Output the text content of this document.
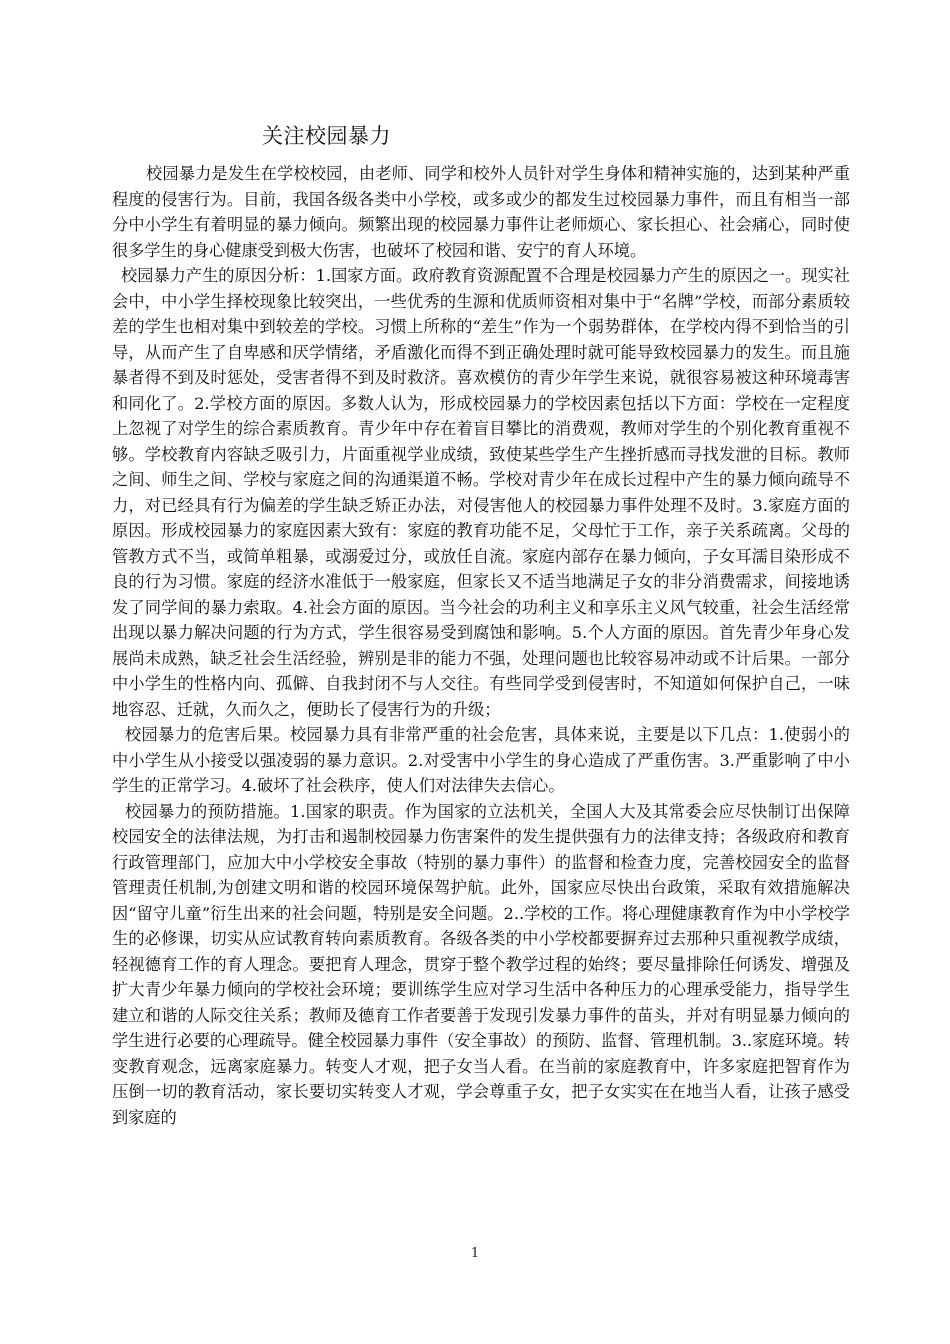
关注校园暴力

校园暴力是发生在学校校园，由老师、同学和校外人员针对学生身体和精神实施的，达到某种严重程度的侵害行为。目前，我国各级各类中小学校，或多或少的都发生过校园暴力事件，而且有相当一部分中小学生有着明显的暴力倾向。频繁出现的校园暴力事件让老师烦心、家长担心、社会痛心，同时使很多学生的身心健康受到极大伤害，也破坏了校园和谐、安宁的育人环境。

校园暴力产生的原因分析：1.国家方面。政府教育资源配置不合理是校园暴力产生的原因之一。现实社会中，中小学生择校现象比较突出，一些优秀的生源和优质师资相对集中于“名牌”学校，而部分素质较差的学生也相对集中到较差的学校。习惯上所称的“差生”作为一个弱势群体，在学校内得不到恰当的引导，从而产生了自卑感和厌学情绪，矛盾激化而得不到正确处理时就可能导致校园暴力的发生。而且施暴者得不到及时惩处，受害者得不到及时救济。喜欢模仿的青少年学生来说，就很容易被这种环境毒害和同化了。2.学校方面的原因。多数人认为，形成校园暴力的学校因素包括以下方面：学校在一定程度上忽视了对学生的综合素质教育。青少年中存在着盲目攀比的消费观，教师对学生的个别化教育重视不够。学校教育内容缺乏吸引力，片面重视学业成绩，致使某些学生产生挫折感而寻找发泄的目标。教师之间、师生之间、学校与家庭之间的沟通渠道不畅。学校对青少年在成长过程中产生的暴力倾向疏导不力，对已经具有行为偏差的学生缺乏矫正办法，对侵害他人的校园暴力事件处理不及时。3.家庭方面的原因。形成校园暴力的家庭因素大致有：家庭的教育功能不足，父母忙于工作，亲子关系疏离。父母的管教方式不当，或简单粗暴，或溺爱过分，或放任自流。家庭内部存在暴力倾向，子女耳濡目染形成不良的行为习惯。家庭的经济水准低于一般家庭，但家长又不适当地满足子女的非分消费需求，间接地诱发了同学间的暴力索取。4.社会方面的原因。当今社会的功利主义和享乐主义风气较重，社会生活经常出现以暴力解决问题的行为方式，学生很容易受到腐蚀和影响。5.个人方面的原因。首先青少年身心发展尚未成熟，缺乏社会生活经验，辨别是非的能力不强，处理问题也比较容易冲动或不计后果。一部分中小学生的性格内向、孤僻、自我封闭不与人交往。有些同学受到侵害时，不知道如何保护自己，一味地容忍、迁就，久而久之，便助长了侵害行为的升级；

校园暴力的危害后果。校园暴力具有非常严重的社会危害，具体来说，主要是以下几点：1.使弱小的中小学生从小接受以强凌弱的暴力意识。2.对受害中小学生的身心造成了严重伤害。3.严重影响了中小学生的正常学习。4.破坏了社会秩序，使人们对法律失去信心。

校园暴力的预防措施。1.国家的职责。作为国家的立法机关，全国人大及其常委会应尽快制订出保障校园安全的法律法规，为打击和遏制校园暴力伤害案件的发生提供强有力的法律支持；各级政府和教育行政管理部门，应加大中小学校安全事故（特别的暴力事件）的监督和检查力度，完善校园安全的监督管理责任机制,为创建文明和谐的校园环境保驾护航。此外，国家应尽快出台政策，采取有效措施解决因“留守儿童”衍生出来的社会问题，特别是安全问题。2..学校的工作。将心理健康教育作为中小学校学生的必修课，切实从应试教育转向素质教育。各级各类的中小学校都要摒弃过去那种只重视教学成绩，轻视德育工作的育人理念。要把育人理念，贯穿于整个教学过程的始终；要尽量排除任何诱发、增强及扩大青少年暴力倾向的学校社会环境；要训练学生应对学习生活中各种压力的心理承受能力，指导学生建立和谐的人际交往关系；教师及德育工作者要善于发现引发暴力事件的苗头，并对有明显暴力倾向的学生进行必要的心理疏导。健全校园暴力事件（安全事故）的预防、监督、管理机制。3..家庭环境。转变教育观念，远离家庭暴力。转变人才观，把子女当人看。在当前的家庭教育中，许多家庭把智育作为压倒一切的教育活动，家长要切实转变人才观，学会尊重子女，把子女实实在在地当人看，让孩子感受到家庭的

1
